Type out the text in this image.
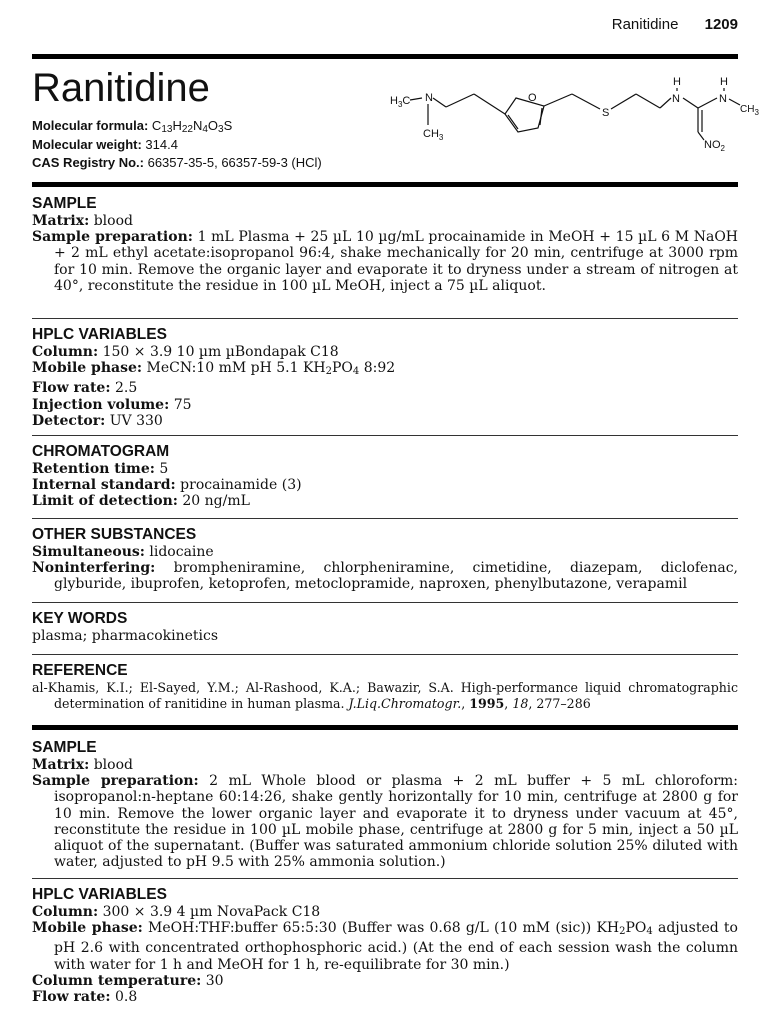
Ranitidine 1209
Ranitidine
Molecular formula: $C_{13}H_{22}N_4O_3S$
Molecular weight: 314.4
CAS Registry No.: 66357-35-5, 66357-59-3 (HCl)
$H_3C$ N
$CH_3$
O
S
H
N
H
N
$CH_3$
$NO_2$
SAMPLE

Matrix: blood

Sample preparation: 1 mL Plasma + 25 µL 10 µg/mL procainamide in MeOH + 15 µL 6 M NaOH + 2 mL ethyl acetate:isopropanol 96:4, shake mechanically for 20 min, centrifuge at 3000 rpm for 10 min. Remove the organic layer and evaporate it to dryness under a stream of nitrogen at 40°, reconstitute the residue in 100 µL MeOH, inject a 75 µL aliquot.

HPLC VARIABLES

Column: 150 × 3.9 10 µm µBondapak C18

Mobile phase: MeCN:10 mM pH 5.1 $KH_2PO_4$ 8:92

Flow rate: 2.5

Injection volume: 75

Detector: UV 330

CHROMATOGRAM

Retention time: 5

Internal standard: procainamide (3)

Limit of detection: 20 ng/mL

OTHER SUBSTANCES

Simultaneous: lidocaine

Noninterfering: brompheniramine, chlorpheniramine, cimetidine, diazepam, diclofenac, glyburide, ibuprofen, ketoprofen, metoclopramide, naproxen, phenylbutazone, verapamil

KEY WORDS

plasma; pharmacokinetics

REFERENCE

al-Khamis, K.I.; El-Sayed, Y.M.; Al-Rashood, K.A.; Bawazir, S.A. High-performance liquid chromatographic determination of ranitidine in human plasma. J.Liq.Chromatogr., 1995, 18, 277–286

SAMPLE

Matrix: blood

Sample preparation: 2 mL Whole blood or plasma + 2 mL buffer + 5 mL chloroform: isopropanol:n-heptane 60:14:26, shake gently horizontally for 10 min, centrifuge at 2800 g for 10 min. Remove the lower organic layer and evaporate it to dryness under vacuum at 45°, reconstitute the residue in 100 µL mobile phase, centrifuge at 2800 g for 5 min, inject a 50 µL aliquot of the supernatant. (Buffer was saturated ammonium chloride solution 25% diluted with water, adjusted to pH 9.5 with 25% ammonia solution.)

HPLC VARIABLES

Column: 300 × 3.9 4 µm NovaPack C18

Mobile phase: MeOH:THF:buffer 65:5:30 (Buffer was 0.68 g/L (10 mM (sic)) $KH_2PO_4$ adjusted to pH 2.6 with concentrated orthophosphoric acid.) (At the end of each session wash the column with water for 1 h and MeOH for 1 h, re-equilibrate for 30 min.)

Column temperature: 30

Flow rate: 0.8
